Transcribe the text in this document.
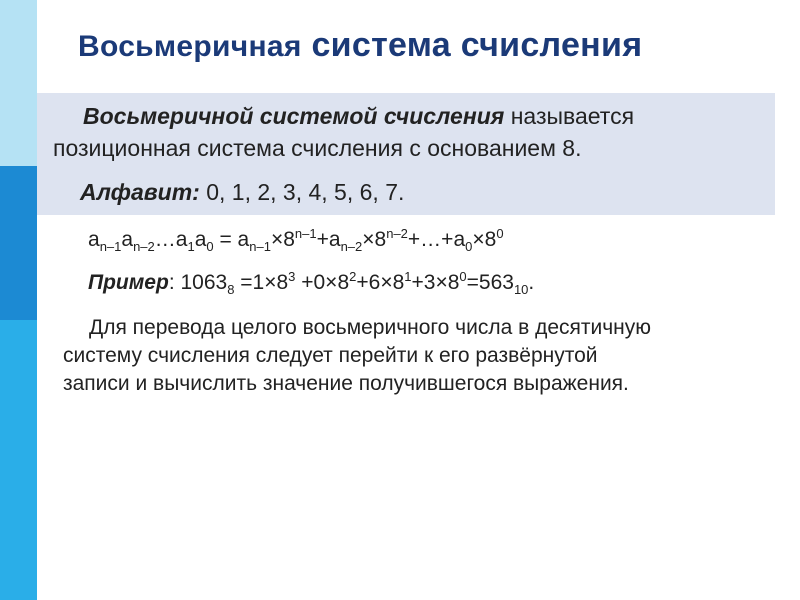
Восьмеричная система счисления
Восьмеричной системой счисления называется
позиционная система счисления с основанием 8.
Алфавит: 0, 1, 2, 3, 4, 5, 6, 7.
$a_{n-1}a_{n-2}\dots a_1a_0$ = $a_{n-1}\times 8^{n-1}+a_{n-2}\times 8^{n-2}+\dots+a_0\times 8^0$
Пример: $1063_8 =1\times 8^3 +0\times 8^2+6\times 8^1+3\times 8^0=563_{10}$.

Для перевода целого восьмеричного числа в десятичную
систему счисления следует перейти к его развёрнутой
записи и вычислить значение получившегося выражения.
